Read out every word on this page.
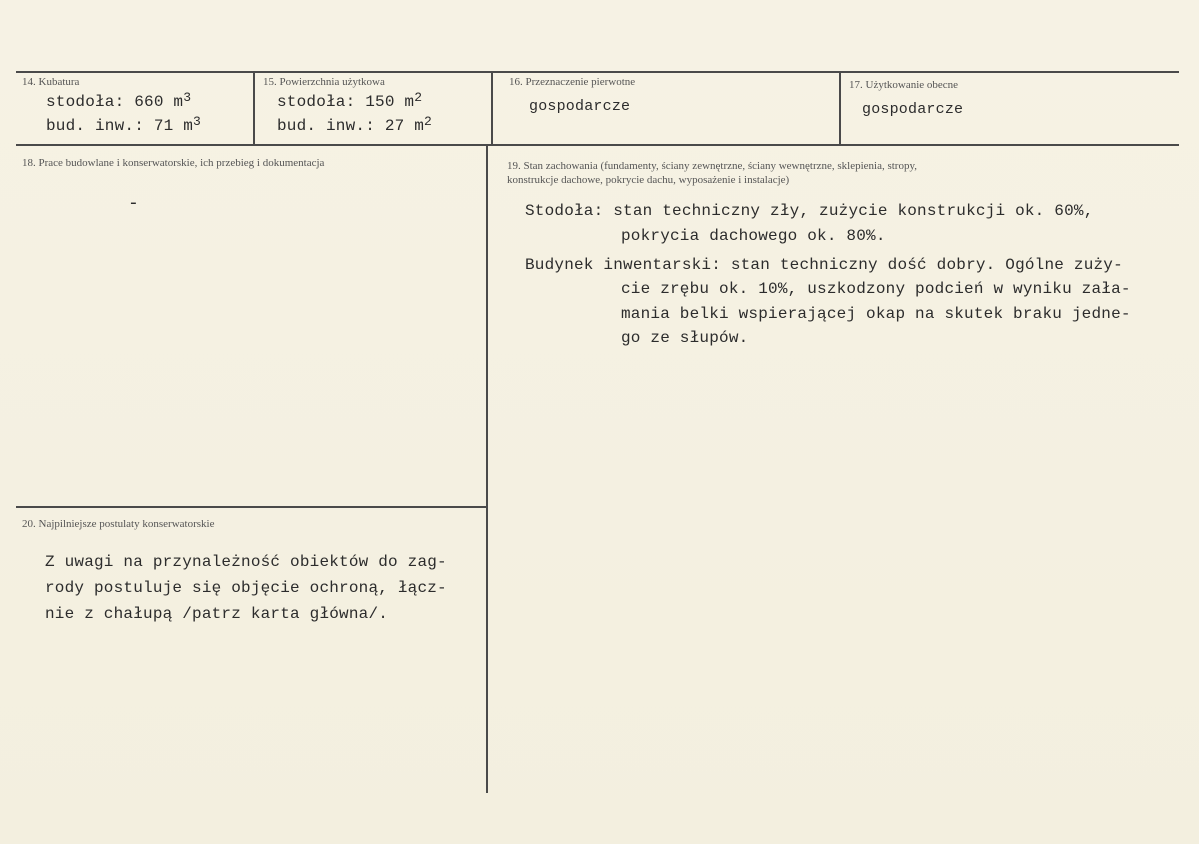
14. Kubatura
stodoła: 660 $m^3$
bud. inw.: 71 $m^3$
15. Powierzchnia użytkowa
stodoła: 150 $m^2$
bud. inw.: 27 $m^2$
16. Przeznaczenie pierwotne
gospodarcze
17. Użytkowanie obecne
gospodarcze
18. Prace budowlane i konserwatorskie, ich przebieg i dokumentacja
-
19. Stan zachowania (fundamenty, ściany zewnętrzne, ściany wewnętrzne, sklepienia, stropy,
konstrukcje dachowe, pokrycie dachu, wyposażenie i instalacje)
Stodoła: stan techniczny zły, zużycie konstrukcji ok. 60%,
pokrycia dachowego ok. 80%.
Budynek inwentarski: stan techniczny dość dobry. Ogólne zuży-
cie zrębu ok. 10%, uszkodzony podcień w wyniku zała-
mania belki wspierającej okap na skutek braku jedne-
go ze słupów.
20. Najpilniejsze postulaty konserwatorskie
Z uwagi na przynależność obiektów do zag-
rody postuluje się objęcie ochroną, łącz-
nie z chałupą /patrz karta główna/.
